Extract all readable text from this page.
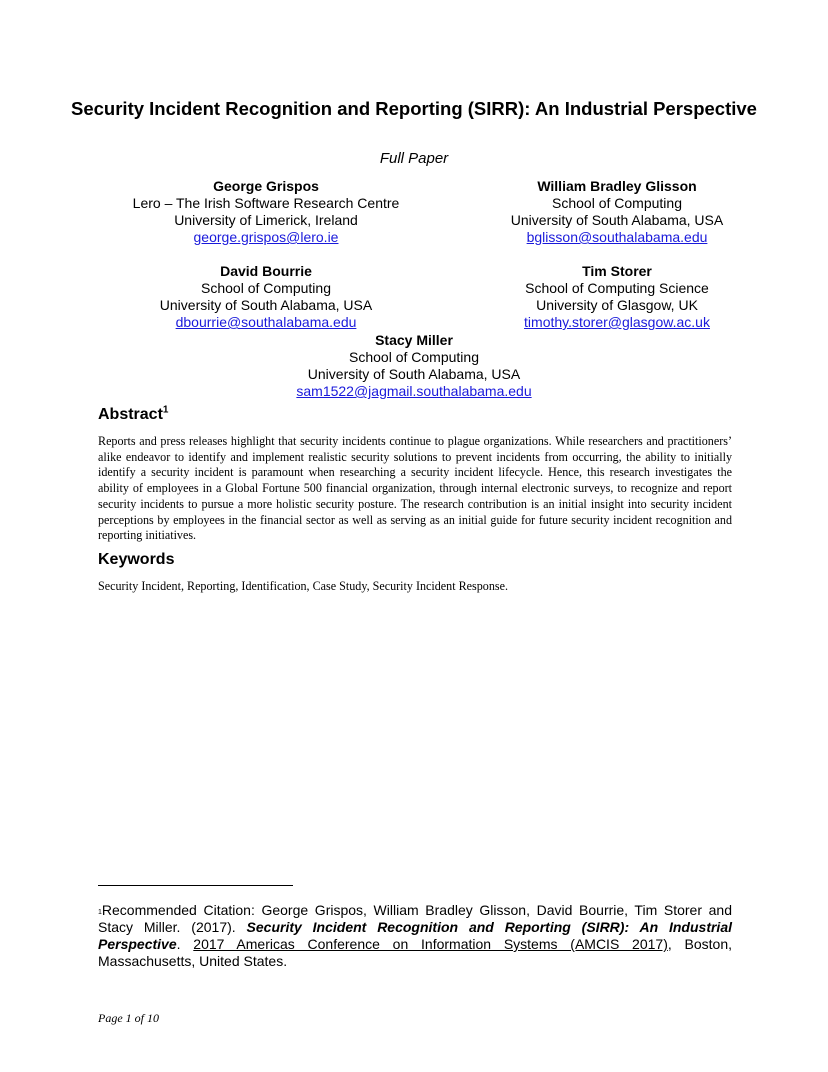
Security Incident Recognition and Reporting (SIRR): An Industrial Perspective
Full Paper
George Grispos
Lero – The Irish Software Research Centre
University of Limerick, Ireland
george.grispos@lero.ie
William Bradley Glisson
School of Computing
University of South Alabama, USA
bglisson@southalabama.edu
David Bourrie
School of Computing
University of South Alabama, USA
dbourrie@southalabama.edu
Tim Storer
School of Computing Science
University of Glasgow, UK
timothy.storer@glasgow.ac.uk
Stacy Miller
School of Computing
University of South Alabama, USA
sam1522@jagmail.southalabama.edu
Abstract$^1$
Reports and press releases highlight that security incidents continue to plague organizations. While researchers and practitioners’ alike endeavor to identify and implement realistic security solutions to prevent incidents from occurring, the ability to initially identify a security incident is paramount when researching a security incident lifecycle. Hence, this research investigates the ability of employees in a Global Fortune 500 financial organization, through internal electronic surveys, to recognize and report security incidents to pursue a more holistic security posture. The research contribution is an initial insight into security incident perceptions by employees in the financial sector as well as serving as an initial guide for future security incident recognition and reporting initiatives.
Keywords
Security Incident, Reporting, Identification, Case Study, Security Incident Response.
$^1$Recommended Citation: George Grispos, William Bradley Glisson, David Bourrie, Tim Storer and Stacy Miller. (2017). Security Incident Recognition and Reporting (SIRR): An Industrial Perspective. 2017 Americas Conference on Information Systems (AMCIS 2017), Boston, Massachusetts, United States.
Page 1 of 10
